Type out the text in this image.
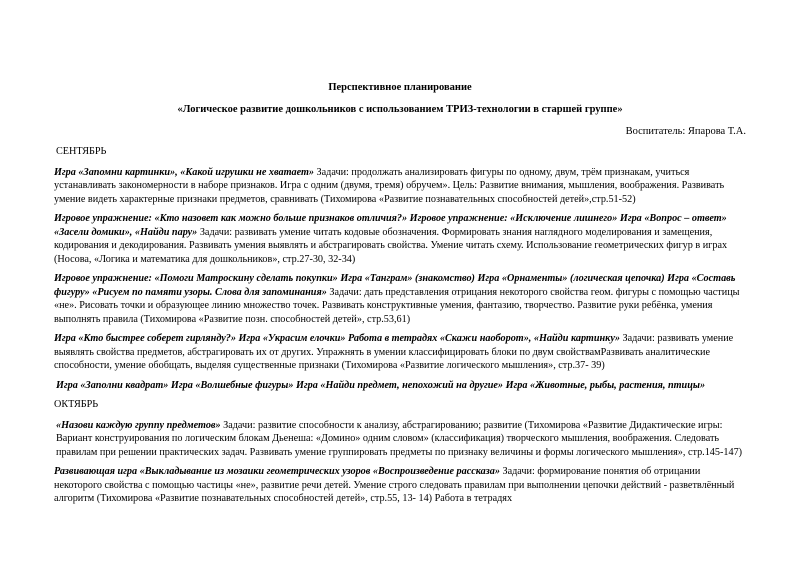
Перспективное планирование
«Логическое развитие дошкольников с использованием ТРИЗ-технологии в старшей группе»
Воспитатель: Япарова Т.А.
СЕНТЯБРЬ

Игра «Запомни картинки», «Какой игрушки не хватает» Задачи: продолжать анализировать фигуры по одному, двум, трём признакам, учиться устанавливать закономерности в наборе признаков. Игра с одним (двумя, тремя) обручем». Цель: Развитие внимания, мышления, воображения. Развивать умение видеть характерные признаки предметов, сравнивать (Тихомирова «Развитие познавательных способностей детей»,стр.51-52)

Игровое упражнение: «Кто назовет как можно больше признаков отличия?» Игровое упражнение: «Исключение лишнего» Игра «Вопрос – ответ» «Засели домики», «Найди пару» Задачи: развивать умение читать кодовые обозначения. Формировать знания наглядного моделирования и замещения, кодирования и декодирования. Развивать умения выявлять и абстрагировать свойства. Умение читать схему. Использование геометрических фигур в играх (Носова, «Логика и математика для дошкольников», стр.27-30, 32-34)

Игровое упражнение: «Помоги Матроскину сделать покупки» Игра «Танграм» (знакомство) Игра «Орнаменты» (логическая цепочка) Игра «Составь фигуру» «Рисуем по памяти узоры. Слова для запоминания» Задачи: дать представления отрицания некоторого свойства геом. фигуры с помощью частицы «не». Рисовать точки и образующее линию множество точек. Развивать конструктивные умения, фантазию, творчество. Развитие руки ребёнка, умения выполнять правила (Тихомирова «Развитие позн. способностей детей», стр.53,61)

Игра «Кто быстрее соберет гирлянду?» Игра «Украсим елочки» Работа в тетрадях «Скажи наоборот», «Найди картинку» Задачи: развивать умение выявлять свойства предметов, абстрагировать их от других. Упражнять в умении классифицировать блоки по двум свойствамРазвивать аналитические способности, умение обобщать, выделяя существенные признаки (Тихомирова «Развитие логического мышления», стр.37- 39)

Игра «Заполни квадрат» Игра «Волшебные фигуры» Игра «Найди предмет, непохожий на другие» Игра «Животные, рыбы, растения, птицы»

ОКТЯБРЬ

«Назови каждую группу предметов» Задачи: развитие способности к анализу, абстрагированию; развитие (Тихомирова «Развитие Дидактические игры: Вариант конструирования по логическим блокам Дьенеша: «Домино» одним словом» (классификация) творческого мышления, воображения. Следовать правилам при решении практических задач. Развивать умение группировать предметы по признаку величины и формы логического мышления», стр.145-147)

Развивающая игра «Выкладывание из мозаики геометрических узоров «Воспроизведение рассказа» Задачи: формирование понятия об отрицании некоторого свойства с помощью частицы «не», развитие речи детей. Умение строго следовать правилам при выполнении цепочки действий - разветвлённый алгоритм (Тихомирова «Развитие познавательных способностей детей», стр.55, 13- 14) Работа в тетрадях
